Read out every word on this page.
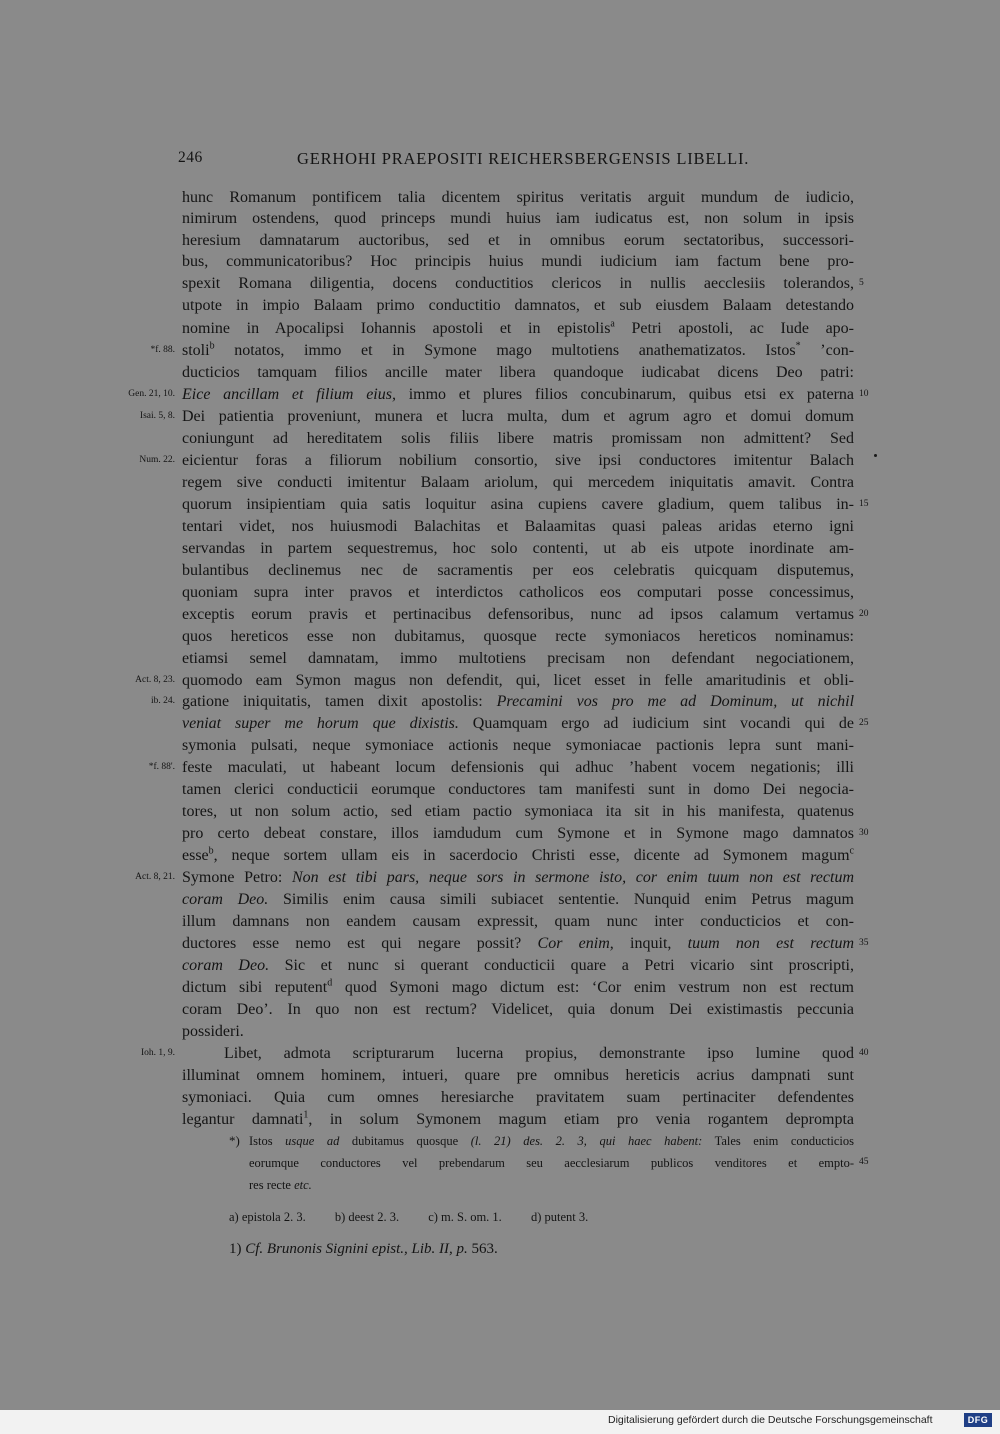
246	GERHOHI PRAEPOSITI REICHERSBERGENSIS LIBELLI.
hunc Romanum pontificem talia dicentem spiritus veritatis arguit mundum de iudicio,
nimirum ostendens, quod princeps mundi huius iam iudicatus est, non solum in ipsis
heresium damnatarum auctoribus, sed et in omnibus eorum sectatoribus, successori-
bus, communicatoribus? Hoc principis huius mundi iudicium iam factum bene pro-
spexit Romana diligentia, docens conductitios clericos in nullis aecclesiis tolerandos,
utpote in impio Balaam primo conductitio damnatos, et sub eiusdem Balaam detestando
nomine in Apocalipsi Iohannis apostoli et in epistolis$^a$ Petri apostoli, ac Iude apo-
stoli$^b$ notatos, immo et in Symone mago multotiens anathematizatos. Istos* ’con-
ducticios tamquam filios ancille mater libera quandoque iudicabat dicens Deo patri:
Eice ancillam et filium eius, immo et plures filios concubinarum, quibus etsi ex paterna
Dei patientia proveniunt, munera et lucra multa, dum et agrum agro et domui domum
coniungunt ad hereditatem solis filiis libere matris promissam non admittent? Sed
eicientur foras a filiorum nobilium consortio, sive ipsi conductores imitentur Balach
regem sive conducti imitentur Balaam ariolum, qui mercedem iniquitatis amavit. Contra
quorum insipientiam quia satis loquitur asina cupiens cavere gladium, quem talibus in-
tentari videt, nos huiusmodi Balachitas et Balaamitas quasi paleas aridas eterno igni
servandas in partem sequestremus, hoc solo contenti, ut ab eis utpote inordinate am-
bulantibus declinemus nec de sacramentis per eos celebratis quicquam disputemus,
quoniam supra inter pravos et interdictos catholicos eos computari posse concessimus,
exceptis eorum pravis et pertinacibus defensoribus, nunc ad ipsos calamum vertamus
quos hereticos esse non dubitamus, quosque recte symoniacos hereticos nominamus:
etiamsi semel damnatam, immo multotiens precisam non defendant negociationem,
quomodo eam Symon magus non defendit, qui, licet esset in felle amaritudinis et obli-
gatione iniquitatis, tamen dixit apostolis: Precamini vos pro me ad Dominum, ut nichil
veniat super me horum que dixistis. Quamquam ergo ad iudicium sint vocandi qui de
symonia pulsati, neque symoniace actionis neque symoniacae pactionis lepra sunt mani-
feste maculati, ut habeant locum defensionis qui adhuc ’habent vocem negationis; illi
tamen clerici conducticii eorumque conductores tam manifesti sunt in domo Dei negocia-
tores, ut non solum actio, sed etiam pactio symoniaca ita sit in his manifesta, quatenus
pro certo debeat constare, illos iamdudum cum Symone et in Symone mago damnatos
esse$^b$, neque sortem ullam eis in sacerdocio Christi esse, dicente ad Symonem magum$^c$
Symone Petro: Non est tibi pars, neque sors in sermone isto, cor enim tuum non est rectum
coram Deo. Similis enim causa simili subiacet sententie. Nunquid enim Petrus magum
illum damnans non eandem causam expressit, quam nunc inter conducticios et con-
ductores esse nemo est qui negare possit? Cor enim, inquit, tuum non est rectum
coram Deo. Sic et nunc si querant conducticii quare a Petri vicario sint proscripti,
dictum sibi reputent$^d$ quod Symoni mago dictum est: ‘Cor enim vestrum non est rectum
coram Deo’. In quo non est rectum? Videlicet, quia donum Dei existimastis peccunia
possideri.
Libet, admota scripturarum lucerna propius, demonstrante ipso lumine quod
illuminat omnem hominem, intueri, quare pre omnibus hereticis acrius dampnati sunt
symoniaci. Quia cum omnes heresiarche pravitatem suam pertinaciter defendentes
legantur damnati$^1$, in solum Symonem magum etiam pro venia rogantem deprompta
*f. 88.
Gen. 21, 10.
Isai. 5, 8.
Num. 22.
Act. 8, 23.
ib. 24.
*f. 88'.
Act. 8, 21.
Ioh. 1, 9.
5
10
15
20
25
30
35
40
*) Istos usque ad dubitamus quosque (l. 21) des. 2. 3, qui haec habent: Tales enim conducticios
eorumque conductores vel prebendarum seu aecclesiarum publicos venditores et empto- 45
res recte etc.
a) epistola 2. 3. b) deest 2. 3. c) m. S. om. 1. d) putent 3.
1) Cf. Brunonis Signini epist., Lib. II, p. 563.
Digitalisierung gefördert durch die Deutsche Forschungsgemeinschaft	DFG
